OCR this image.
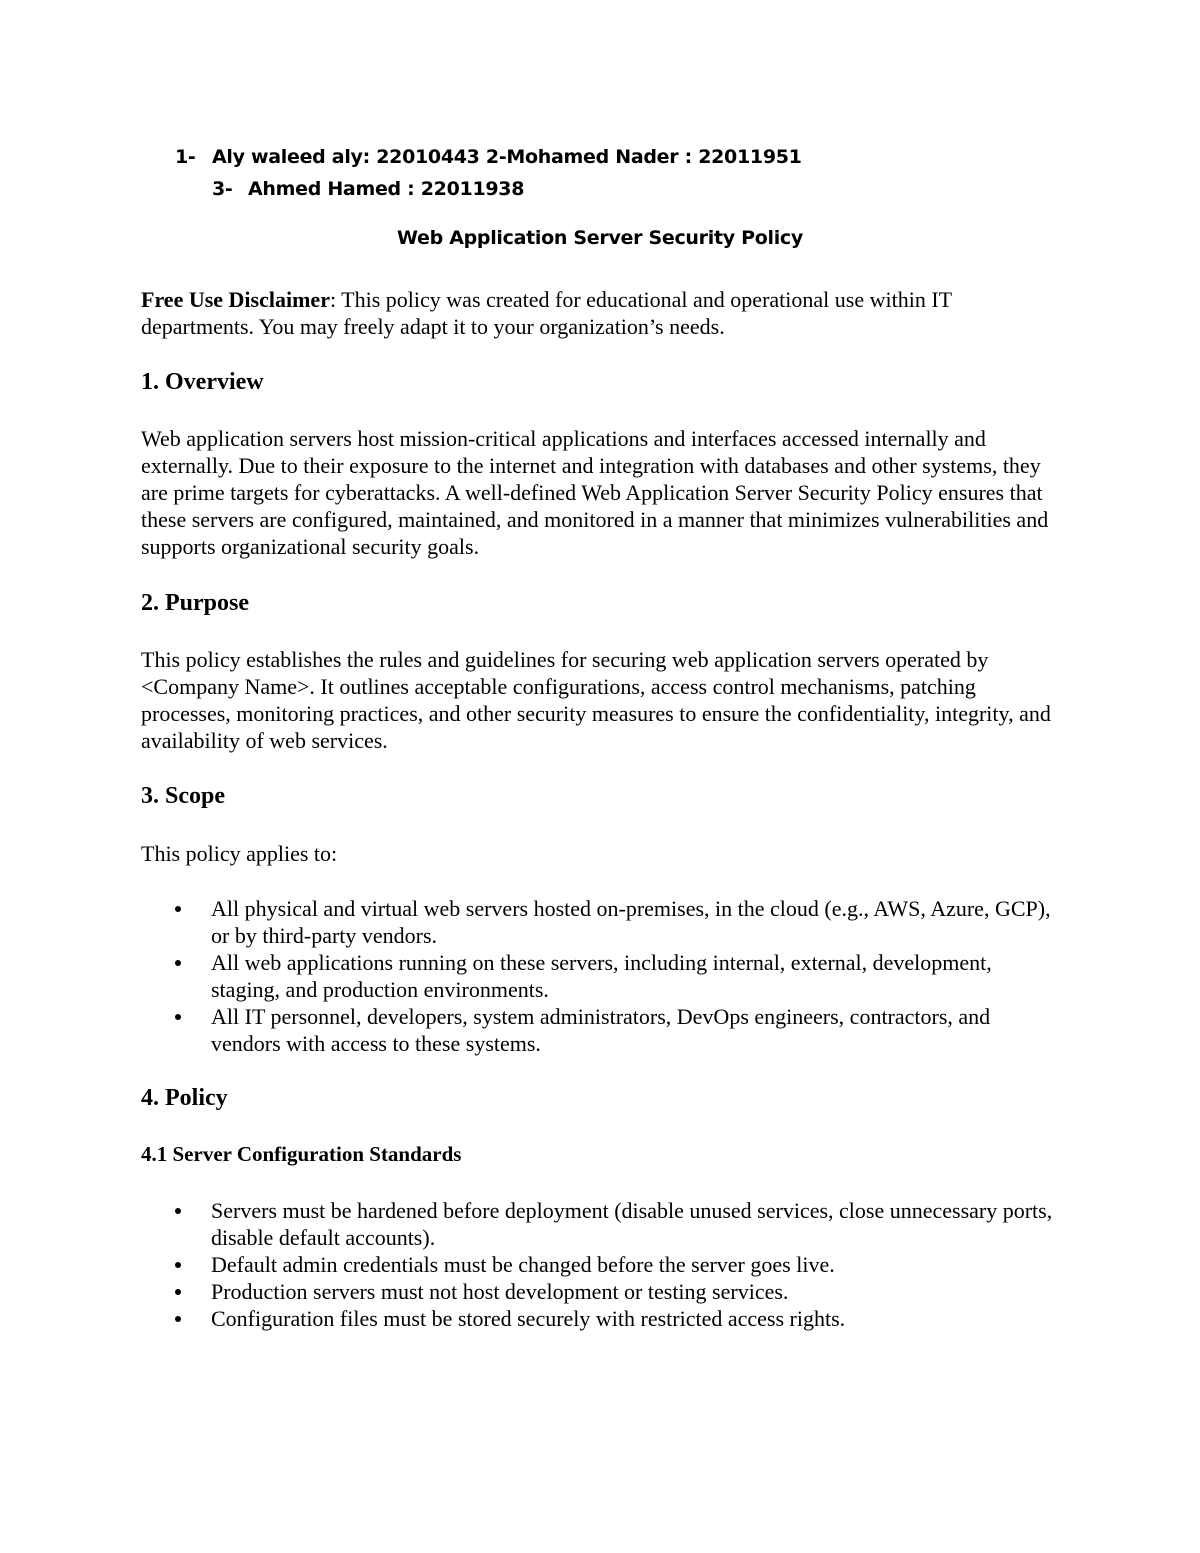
1- Aly waleed aly: 22010443 2-Mohamed Nader : 22011951
3- Ahmed Hamed : 22011938
Web Application Server Security Policy

Free Use Disclaimer: This policy was created for educational and operational use within IT departments. You may freely adapt it to your organization’s needs.

1. Overview

Web application servers host mission-critical applications and interfaces accessed internally and externally. Due to their exposure to the internet and integration with databases and other systems, they are prime targets for cyberattacks. A well-defined Web Application Server Security Policy ensures that these servers are configured, maintained, and monitored in a manner that minimizes vulnerabilities and supports organizational security goals.

2. Purpose

This policy establishes the rules and guidelines for securing web application servers operated by <Company Name>. It outlines acceptable configurations, access control mechanisms, patching processes, monitoring practices, and other security measures to ensure the confidentiality, integrity, and availability of web services.

3. Scope

This policy applies to:

All physical and virtual web servers hosted on-premises, in the cloud (e.g., AWS, Azure, GCP), or by third-party vendors.
All web applications running on these servers, including internal, external, development, staging, and production environments.
All IT personnel, developers, system administrators, DevOps engineers, contractors, and vendors with access to these systems.
4. Policy
4.1 Server Configuration Standards
Servers must be hardened before deployment (disable unused services, close unnecessary ports, disable default accounts).
Default admin credentials must be changed before the server goes live.
Production servers must not host development or testing services.
Configuration files must be stored securely with restricted access rights.
